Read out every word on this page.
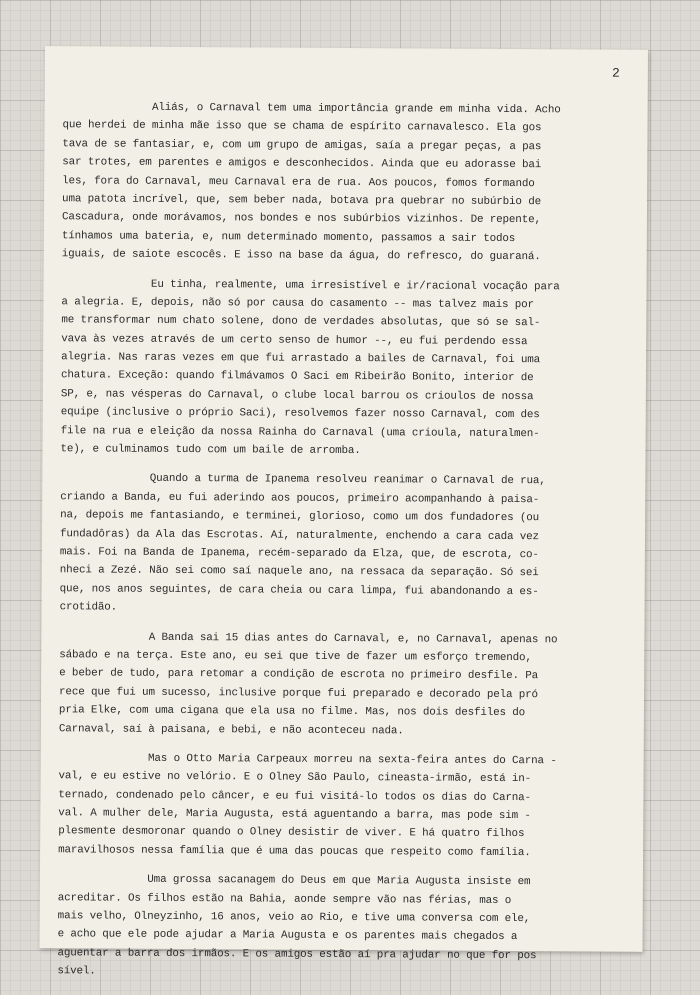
2
Aliás, o Carnaval tem uma importância grande em minha vida. Acho
que herdei de minha mãe isso que se chama de espírito carnavalesco. Ela gos
tava de se fantasiar, e, com um grupo de amigas, saía a pregar peças, a pas
sar trotes, em parentes e amigos e desconhecidos. Ainda que eu adorasse bai
les, fora do Carnaval, meu Carnaval era de rua. Aos poucos, fomos formando
uma patota incrível, que, sem beber nada, botava pra quebrar no subúrbio de
Cascadura, onde morávamos, nos bondes e nos subúrbios vizinhos. De repente,
tínhamos uma bateria, e, num determinado momento, passamos a sair todos
iguais, de saiote escocês. E isso na base da água, do refresco, do guaraná.
Eu tinha, realmente, uma irresistível e ir/racional vocação para
a alegria. E, depois, não só por causa do casamento -- mas talvez mais por
me transformar num chato solene, dono de verdades absolutas, que só se sal-
vava às vezes através de um certo senso de humor --, eu fui perdendo essa
alegria. Nas raras vezes em que fui arrastado a bailes de Carnaval, foi uma
chatura. Exceção: quando filmávamos O Saci em Ribeirão Bonito, interior de
SP, e, nas vésperas do Carnaval, o clube local barrou os crioulos de nossa
equipe (inclusive o próprio Saci), resolvemos fazer nosso Carnaval, com des
file na rua e eleição da nossa Rainha do Carnaval (uma crioula, naturalmen-
te), e culminamos tudo com um baile de arromba.
Quando a turma de Ipanema resolveu reanimar o Carnaval de rua,
criando a Banda, eu fui aderindo aos poucos, primeiro acompanhando à paisa-
na, depois me fantasiando, e terminei, glorioso, como um dos fundadores (ou
fundadôras) da Ala das Escrotas. Aí, naturalmente, enchendo a cara cada vez
mais. Foi na Banda de Ipanema, recém-separado da Elza, que, de escrota, co-
nheci a Zezé. Não sei como saí naquele ano, na ressaca da separação. Só sei
que, nos anos seguintes, de cara cheia ou cara limpa, fui abandonando a es-
crotidão.
A Banda sai 15 dias antes do Carnaval, e, no Carnaval, apenas no
sábado e na terça. Este ano, eu sei que tive de fazer um esforço tremendo,
e beber de tudo, para retomar a condição de escrota no primeiro desfile. Pa
rece que fui um sucesso, inclusive porque fui preparado e decorado pela pró
pria Elke, com uma cigana que ela usa no filme. Mas, nos dois desfiles do
Carnaval, saí à paisana, e bebi, e não aconteceu nada.
Mas o Otto Maria Carpeaux morreu na sexta-feira antes do Carna -
val, e eu estive no velório. E o Olney São Paulo, cineasta-irmão, está in-
ternado, condenado pelo câncer, e eu fui visitá-lo todos os dias do Carna-
val. A mulher dele, Maria Augusta, está aguentando a barra, mas pode sim -
plesmente desmoronar quando o Olney desistir de viver. E há quatro filhos
maravilhosos nessa família que é uma das poucas que respeito como família.
Uma grossa sacanagem do Deus em que Maria Augusta insiste em
acreditar. Os filhos estão na Bahia, aonde sempre vão nas férias, mas o
mais velho, Olneyzinho, 16 anos, veio ao Rio, e tive uma conversa com ele,
e acho que ele pode ajudar a Maria Augusta e os parentes mais chegados a
aguentar a barra dos irmãos. E os amigos estão aí pra ajudar no que for pos
sível.
